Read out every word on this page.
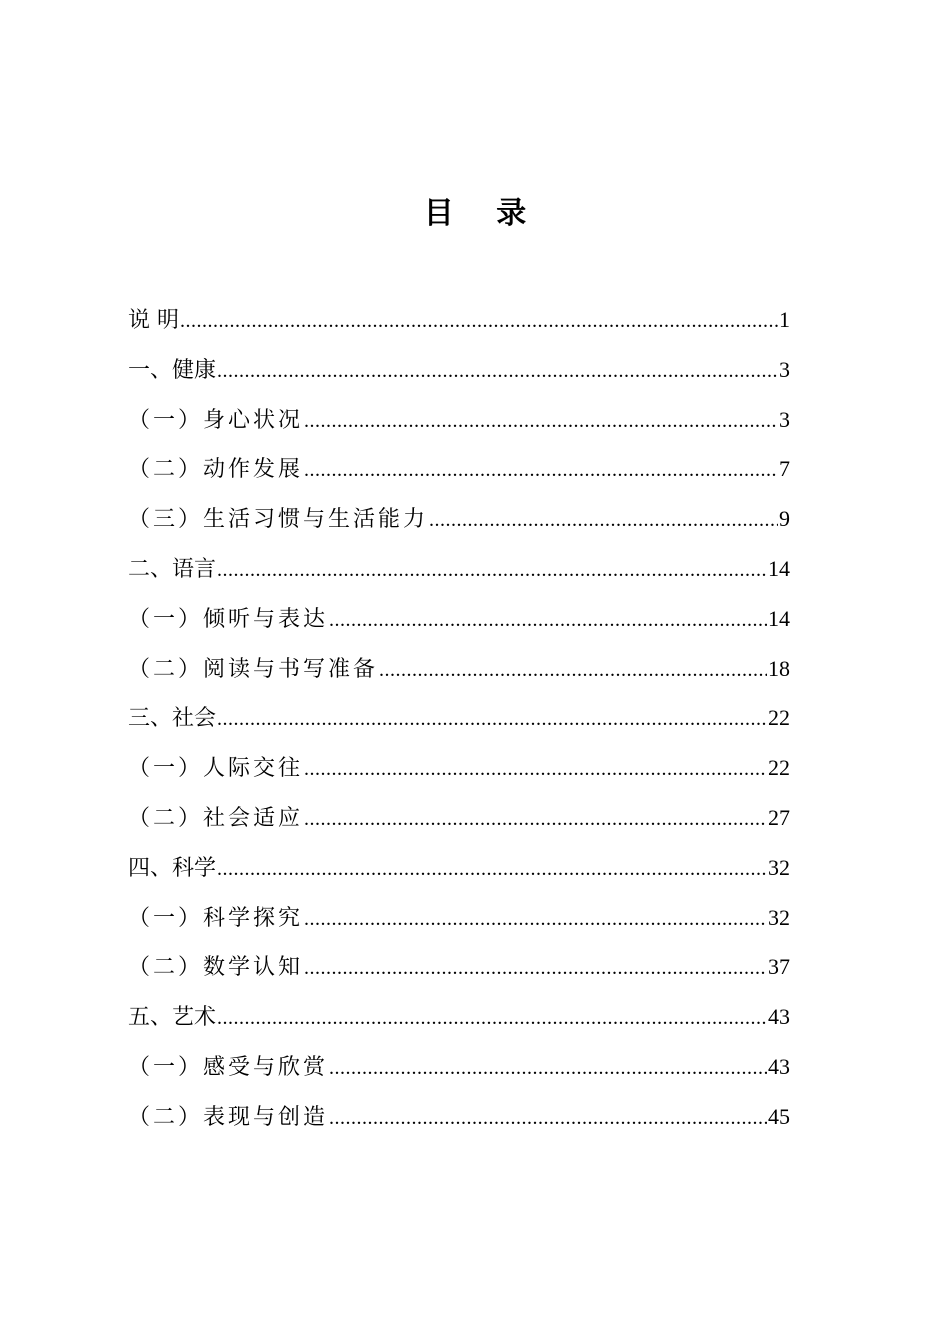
目 录
说 明 .....	1
一、健康 .....	3
（一）身心状况 .....	3
（二）动作发展 .....	7
（三）生活习惯与生活能力 .....	9
二、语言 .....	14
（一）倾听与表达 .....	14
（二）阅读与书写准备 .....	18
三、社会 .....	22
（一）人际交往 .....	22
（二）社会适应 .....	27
四、科学 .....	32
（一）科学探究 .....	32
（二）数学认知 .....	37
五、艺术 .....	43
（一）感受与欣赏 .....	43
（二）表现与创造 .....	45
